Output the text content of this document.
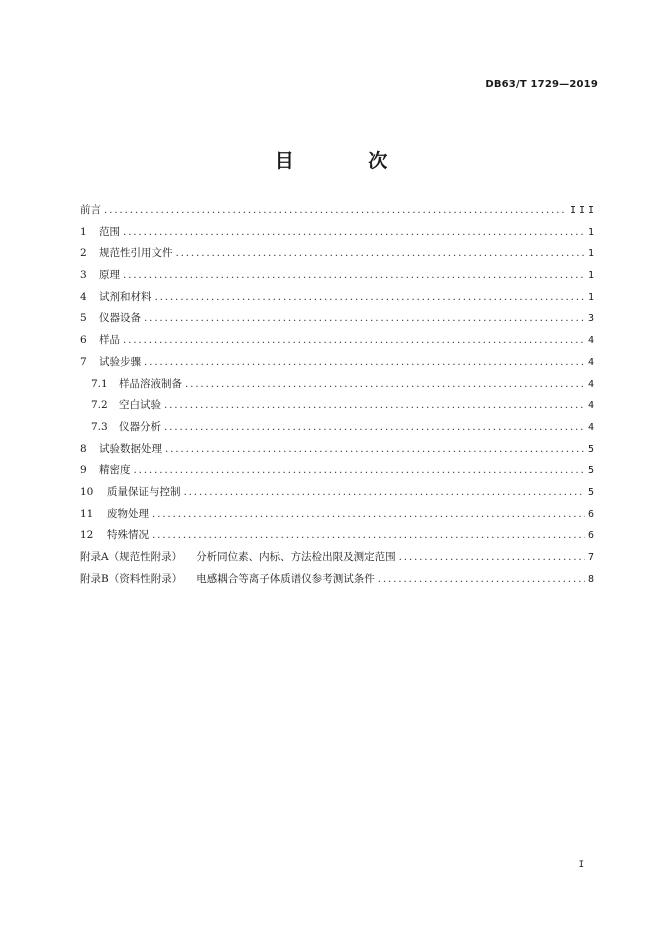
DB63/T 1729—2019
目 次
前言 .....	III
1	范围 .....	1
2	规范性引用文件 .....	1
3	原理 .....	1
4	试剂和材料 .....	1
5	仪器设备 .....	3
6	样品 .....	4
7	试验步骤 .....	4
7.1	样品溶液制备 .....	4
7.2	空白试验 .....	4
7.3	仪器分析 .....	4
8	试验数据处理 .....	5
9	精密度 .....	5
10	质量保证与控制 .....	5
11	废物处理 .....	6
12	特殊情况 .....	6
附录A（规范性附录） 分析同位素、内标、方法检出限及测定范围 .....	7
附录B（资料性附录） 电感耦合等离子体质谱仪参考测试条件 .....	8
I
